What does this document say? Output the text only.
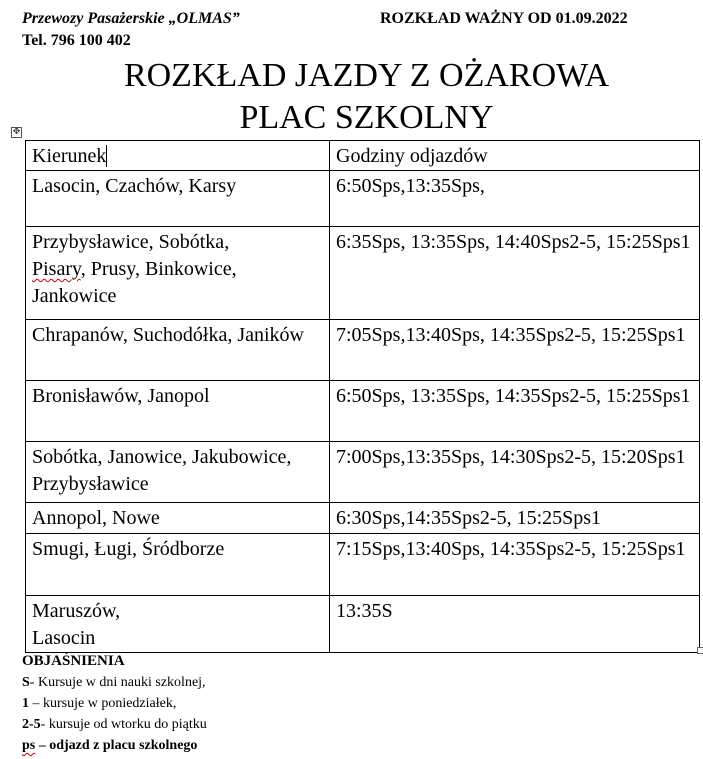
Przewozy Pasażerskie „OLMAS”	ROZKŁAD WAŻNY OD 01.09.2022
Tel. 796 100 402
ROZKŁAD JAZDY Z OŻAROWA
PLAC SZKOLNY
✥
Kierunek	Godziny odjazdów
Lasocin, Czachów, Karsy	6:50Sps,13:35Sps,
Przybysławice, Sobótka,
Pisary, Prusy, Binkowice, Jankowice	6:35Sps, 13:35Sps, 14:40Sps2-5, 15:25Sps1
Chrapanów, Suchodółka, Janików	7:05Sps,13:40Sps, 14:35Sps2-5, 15:25Sps1
Bronisławów, Janopol	6:50Sps, 13:35Sps, 14:35Sps2-5, 15:25Sps1
Sobótka, Janowice, Jakubowice, Przybysławice	7:00Sps,13:35Sps, 14:30Sps2-5, 15:20Sps1
Annopol, Nowe	6:30Sps,14:35Sps2-5, 15:25Sps1
Smugi, Ługi, Śródborze	7:15Sps,13:40Sps, 14:35Sps2-5, 15:25Sps1
Maruszów,
Lasocin	13:35S
OBJAŚNIENIA
S- Kursuje w dni nauki szkolnej,
1 – kursuje w poniedziałek,
2-5- kursuje od wtorku do piątku
ps – odjazd z placu szkolnego
